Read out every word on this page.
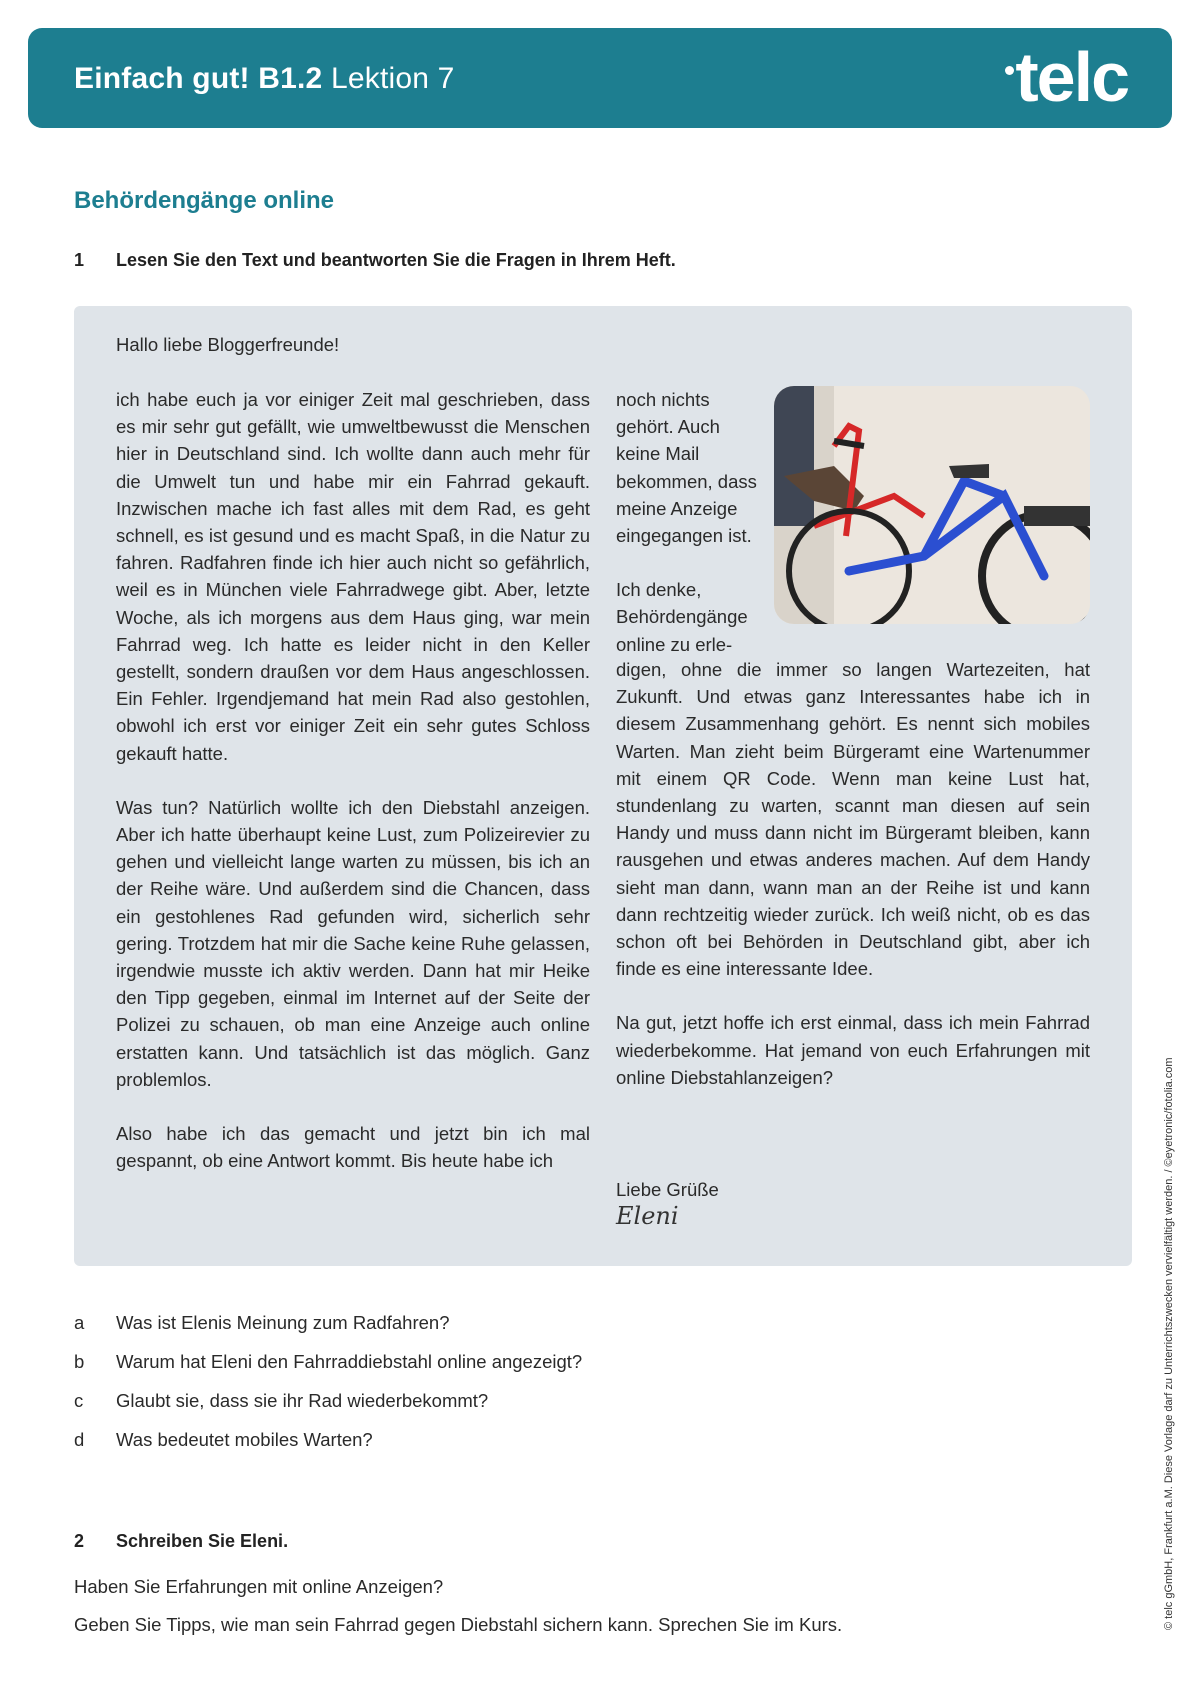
Einfach gut! B1.2 Lektion 7	telc
Behördengänge online
1 Lesen Sie den Text und beantworten Sie die Fragen in Ihrem Heft.
Hallo liebe Bloggerfreunde!

ich habe euch ja vor einiger Zeit mal geschrieben, dass es mir sehr gut gefällt, wie umweltbewusst die Menschen hier in Deutschland sind. Ich wollte dann auch mehr für die Umwelt tun und habe mir ein Fahrrad gekauft. Inzwischen mache ich fast alles mit dem Rad, es geht schnell, es ist gesund und es macht Spaß, in die Natur zu fahren. Radfahren finde ich hier auch nicht so gefährlich, weil es in München viele Fahrradwege gibt. Aber, letzte Woche, als ich morgens aus dem Haus ging, war mein Fahrrad weg. Ich hatte es leider nicht in den Keller gestellt, sondern draußen vor dem Haus angeschlossen. Ein Fehler. Irgendjemand hat mein Rad also gestohlen, obwohl ich erst vor einiger Zeit ein sehr gutes Schloss gekauft hatte.

Was tun? Natürlich wollte ich den Diebstahl anzeigen. Aber ich hatte überhaupt keine Lust, zum Polizeirevier zu gehen und vielleicht lange warten zu müssen, bis ich an der Reihe wäre. Und außerdem sind die Chancen, dass ein gestohlenes Rad gefunden wird, sicherlich sehr gering. Trotzdem hat mir die Sache keine Ruhe gelassen, irgendwie musste ich aktiv werden. Dann hat mir Heike den Tipp gegeben, einmal im Internet auf der Seite der Polizei zu schauen, ob man eine Anzeige auch online erstatten kann. Und tatsächlich ist das möglich. Ganz problemlos.

Also habe ich das gemacht und jetzt bin ich mal gespannt, ob eine Antwort kommt. Bis heute habe ich

noch nichts gehört. Auch keine Mail bekommen, dass meine Anzeige eingegangen ist.

Ich denke, Behördengänge online zu erle-

digen, ohne die immer so langen Wartezeiten, hat Zukunft. Und etwas ganz Interessantes habe ich in diesem Zusammenhang gehört. Es nennt sich mobiles Warten. Man zieht beim Bürgeramt eine Wartenummer mit einem QR Code. Wenn man keine Lust hat, stundenlang zu warten, scannt man diesen auf sein Handy und muss dann nicht im Bürgeramt bleiben, kann rausgehen und etwas anderes machen. Auf dem Handy sieht man dann, wann man an der Reihe ist und kann dann rechtzeitig wieder zurück. Ich weiß nicht, ob es das schon oft bei Behörden in Deutschland gibt, aber ich finde es eine interessante Idee.

Na gut, jetzt hoffe ich erst einmal, dass ich mein Fahrrad wiederbekomme. Hat jemand von euch Erfahrungen mit online Diebstahlanzeigen?

Liebe Grüße
Eleni
a Was ist Elenis Meinung zum Radfahren?
b Warum hat Eleni den Fahrraddiebstahl online angezeigt?
c Glaubt sie, dass sie ihr Rad wiederbekommt?
d Was bedeutet mobiles Warten?
2 Schreiben Sie Eleni.
Haben Sie Erfahrungen mit online Anzeigen?
Geben Sie Tipps, wie man sein Fahrrad gegen Diebstahl sichern kann. Sprechen Sie im Kurs.	© telc gGmbH, Frankfurt a.M. Diese Vorlage darf zu Unterrichtszwecken vervielfältigt werden. / ©eyetronic/fotolia.com
